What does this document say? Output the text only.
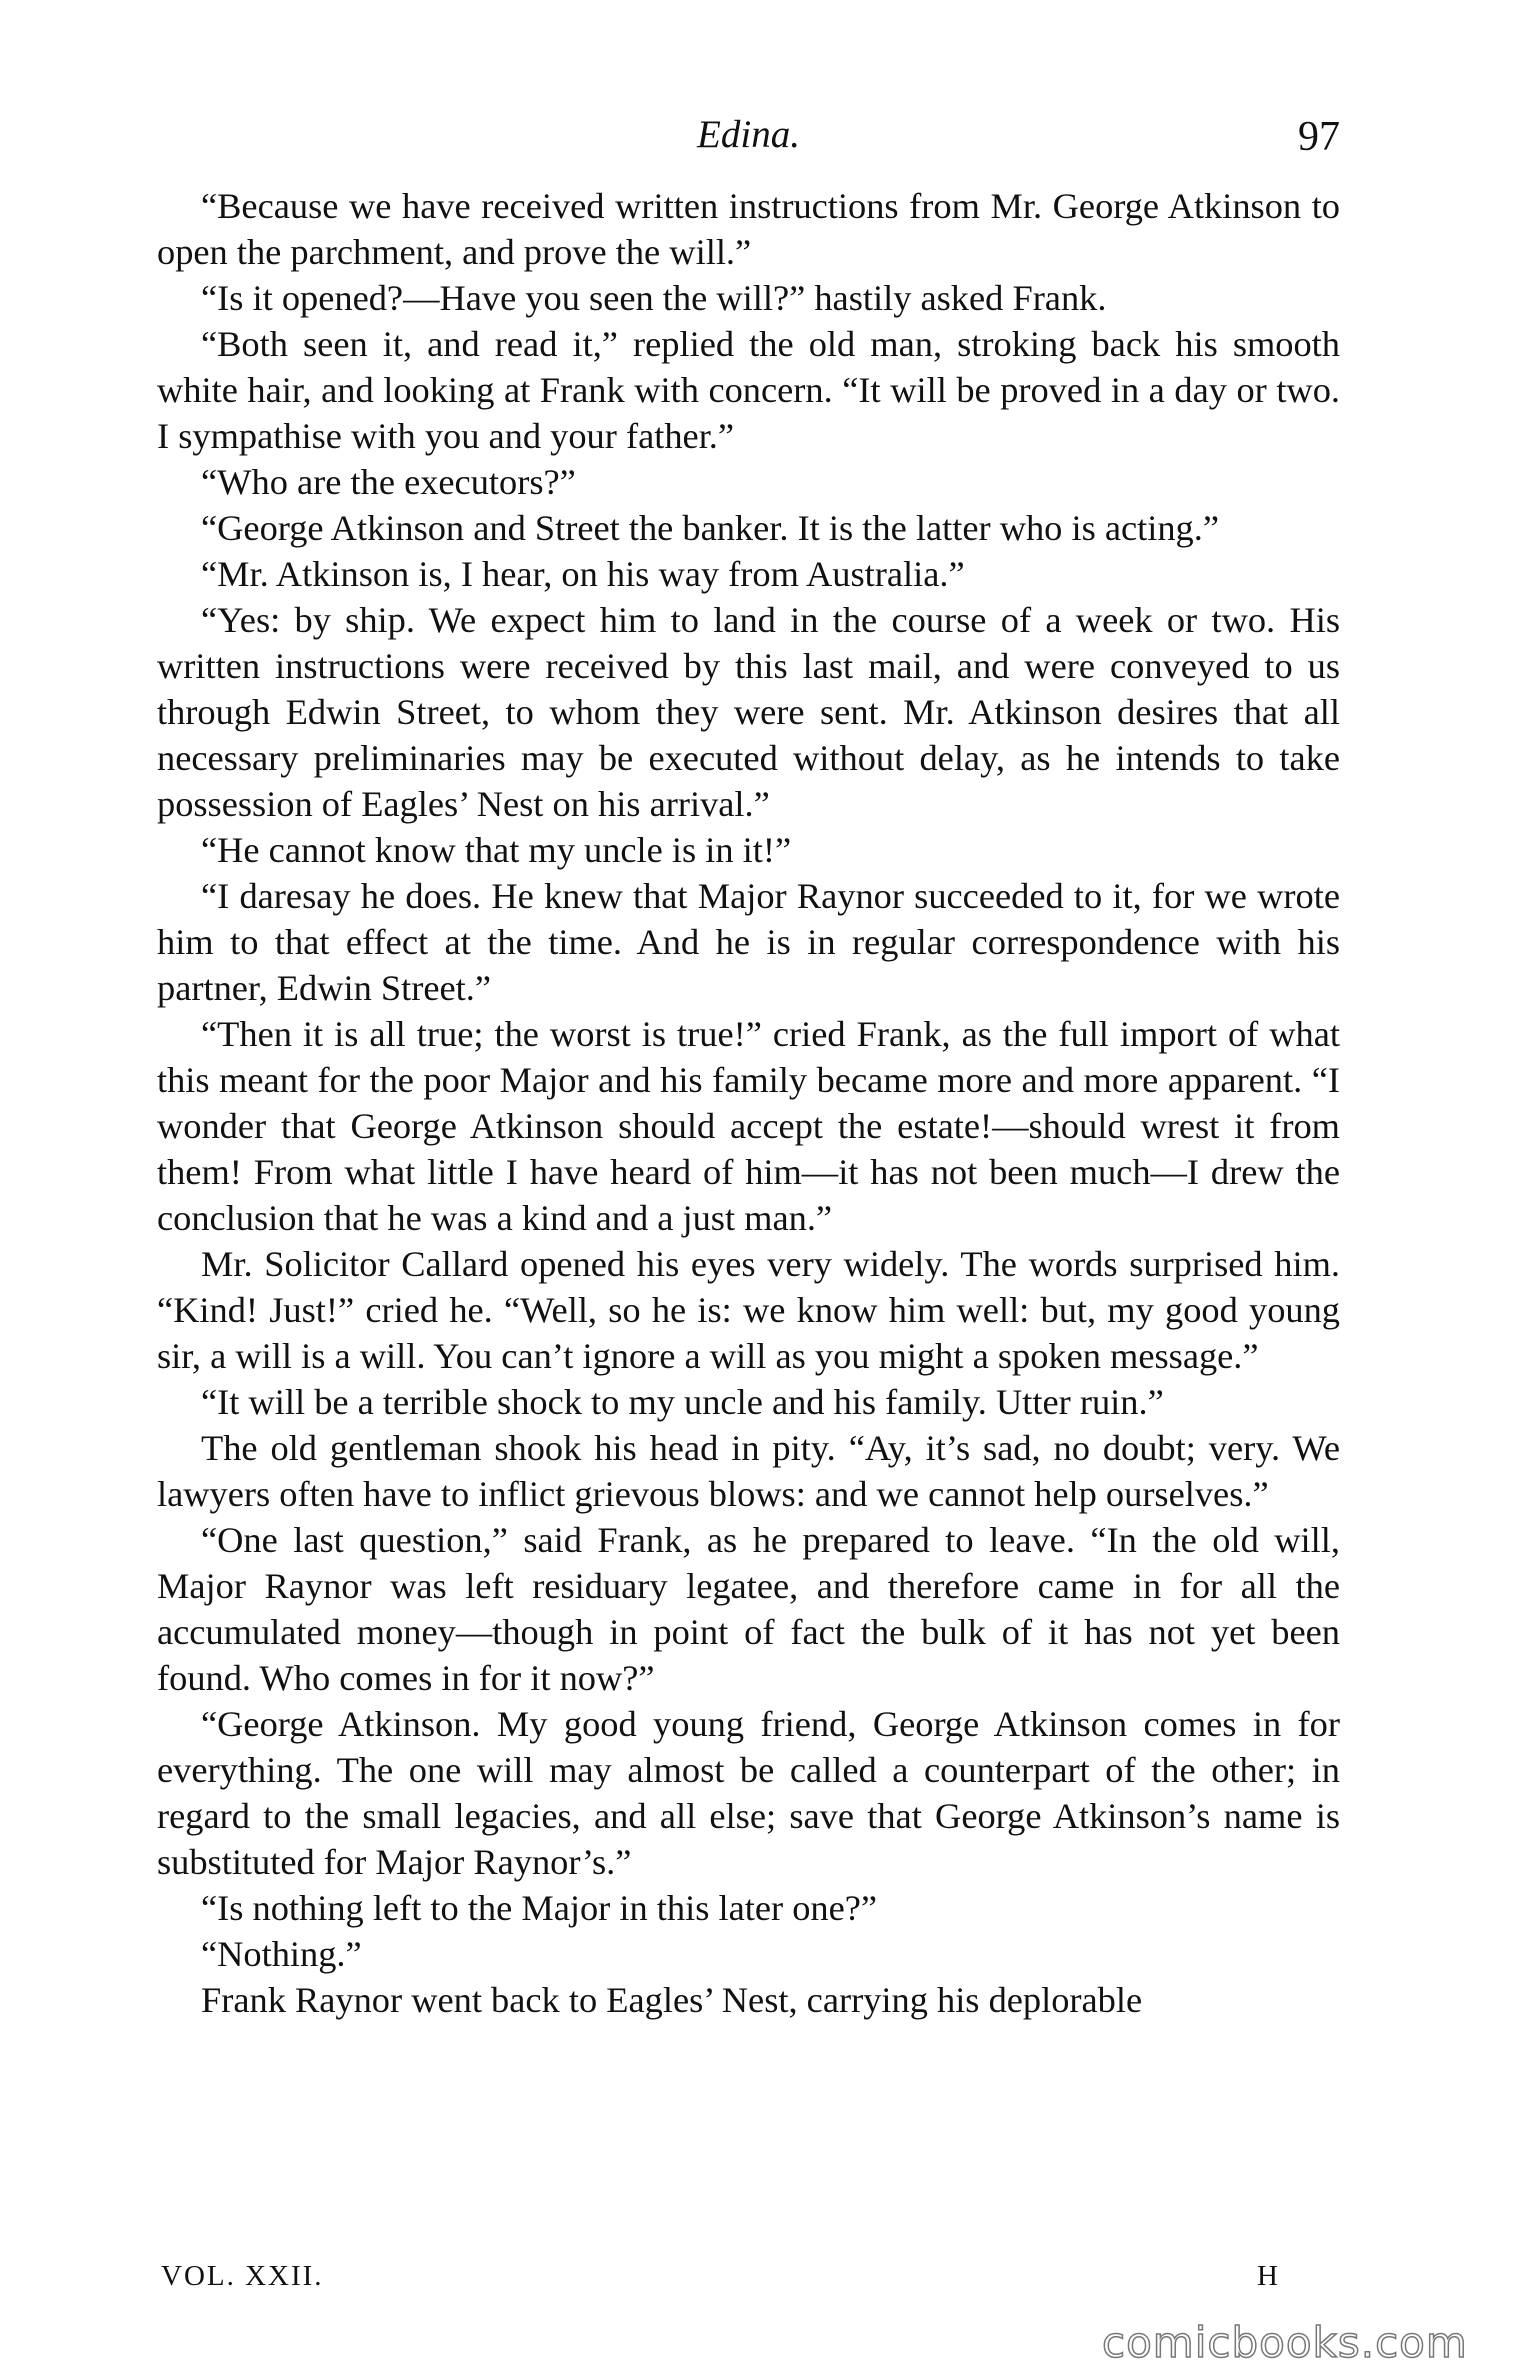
Edina.	97

“Because we have received written instructions from Mr. George Atkinson to open the parchment, and prove the will.”

“Is it opened?—Have you seen the will?” hastily asked Frank.

“Both seen it, and read it,” replied the old man, stroking back his smooth white hair, and looking at Frank with concern. “It will be proved in a day or two. I sympathise with you and your father.”

“Who are the executors?”

“George Atkinson and Street the banker. It is the latter who is acting.”

“Mr. Atkinson is, I hear, on his way from Australia.”

“Yes: by ship. We expect him to land in the course of a week or two. His written instructions were received by this last mail, and were conveyed to us through Edwin Street, to whom they were sent. Mr. Atkinson desires that all necessary preliminaries may be executed without delay, as he intends to take possession of Eagles’ Nest on his arrival.”

“He cannot know that my uncle is in it!”

“I daresay he does. He knew that Major Raynor succeeded to it, for we wrote him to that effect at the time. And he is in regular correspondence with his partner, Edwin Street.”

“Then it is all true; the worst is true!” cried Frank, as the full import of what this meant for the poor Major and his family became more and more apparent. “I wonder that George Atkinson should accept the estate!—should wrest it from them! From what little I have heard of him—it has not been much—I drew the conclusion that he was a kind and a just man.”

Mr. Solicitor Callard opened his eyes very widely. The words surprised him. “Kind! Just!” cried he. “Well, so he is: we know him well: but, my good young sir, a will is a will. You can’t ignore a will as you might a spoken message.”

“It will be a terrible shock to my uncle and his family. Utter ruin.”

The old gentleman shook his head in pity. “Ay, it’s sad, no doubt; very. We lawyers often have to inflict grievous blows: and we cannot help ourselves.”

“One last question,” said Frank, as he prepared to leave. “In the old will, Major Raynor was left residuary legatee, and therefore came in for all the accumulated money—though in point of fact the bulk of it has not yet been found. Who comes in for it now?”

“George Atkinson. My good young friend, George Atkinson comes in for everything. The one will may almost be called a counterpart of the other; in regard to the small legacies, and all else; save that George Atkinson’s name is substituted for Major Raynor’s.”

“Is nothing left to the Major in this later one?”

“Nothing.”

Frank Raynor went back to Eagles’ Nest, carrying his deplorable

VOL. XXII.	H
comicbooks.com
